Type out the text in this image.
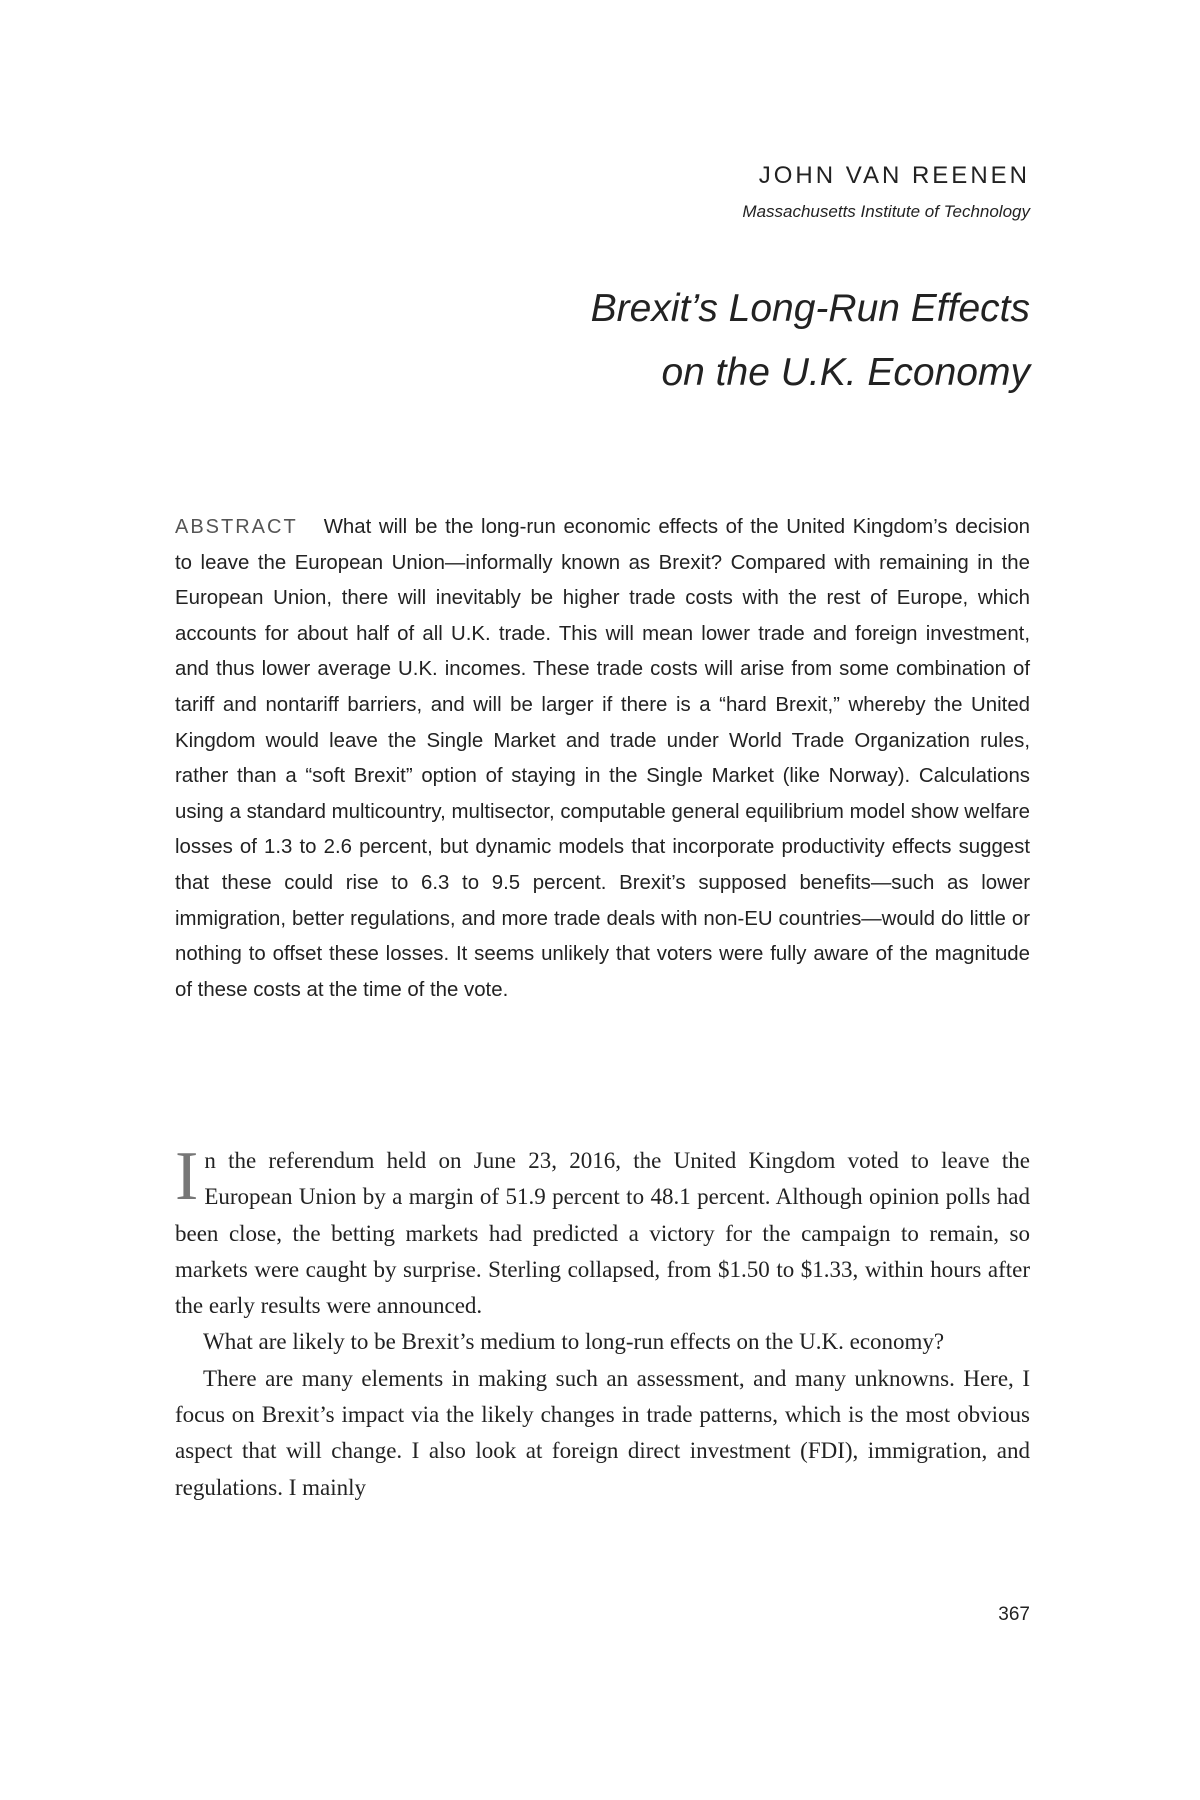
JOHN VAN REENEN
Massachusetts Institute of Technology
Brexit’s Long-Run Effects
on the U.K. Economy
ABSTRACT What will be the long-run economic effects of the United Kingdom’s decision to leave the European Union—informally known as Brexit? Compared with remaining in the European Union, there will inevitably be higher trade costs with the rest of Europe, which accounts for about half of all U.K. trade. This will mean lower trade and foreign investment, and thus lower average U.K. incomes. These trade costs will arise from some combination of tariff and nontariff barriers, and will be larger if there is a “hard Brexit,” whereby the United Kingdom would leave the Single Market and trade under World Trade Organization rules, rather than a “soft Brexit” option of staying in the Single Market (like Norway). Calculations using a standard multicountry, multisector, computable general equilibrium model show welfare losses of 1.3 to 2.6 percent, but dynamic models that incorporate productivity effects suggest that these could rise to 6.3 to 9.5 percent. Brexit’s supposed benefits—such as lower immigration, better regulations, and more trade deals with non-EU countries—would do little or nothing to offset these losses. It seems unlikely that voters were fully aware of the magnitude of these costs at the time of the vote.

In the referendum held on June 23, 2016, the United Kingdom voted to leave the European Union by a margin of 51.9 percent to 48.1 percent. Although opinion polls had been close, the betting markets had predicted a victory for the campaign to remain, so markets were caught by surprise. Sterling collapsed, from $1.50 to $1.33, within hours after the early results were announced.

What are likely to be Brexit’s medium to long-run effects on the U.K. economy?

There are many elements in making such an assessment, and many unknowns. Here, I focus on Brexit’s impact via the likely changes in trade patterns, which is the most obvious aspect that will change. I also look at foreign direct investment (FDI), immigration, and regulations. I mainly

367
